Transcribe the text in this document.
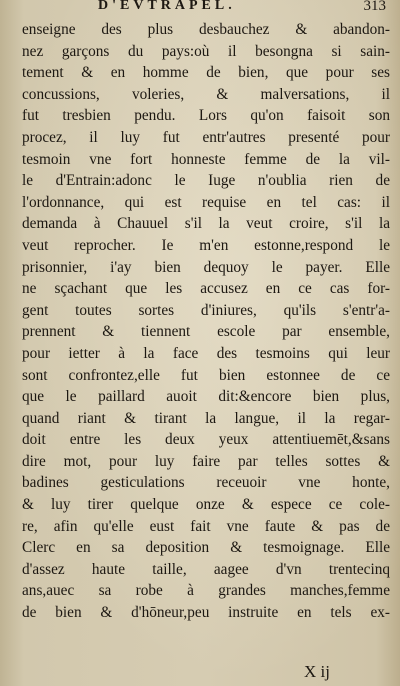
D'EVTRAPEL.	313
enseigne des plus desbauchez & abandon-
nez garçons du pays:où il besongna si sain-
tement & en homme de bien, que pour ses
concussions, voleries, & malversations, il
fut tresbien pendu. Lors qu'on faisoit son
procez, il luy fut entr'autres presenté pour
tesmoin vne fort honneste femme de la vil-
le d'Entrain:adonc le Iuge n'oublia rien de
l'ordonnance, qui est requise en tel cas: il
demanda à Chauuel s'il la veut croire, s'il la
veut reprocher. Ie m'en estonne,respond le
prisonnier, i'ay bien dequoy le payer. Elle
ne sçachant que les accusez en ce cas for-
gent toutes sortes d'iniures, qu'ils s'entr'a-
prennent & tiennent escole par ensemble,
pour ietter à la face des tesmoins qui leur
sont confrontez,elle fut bien estonnee de ce
que le paillard auoit dit:&encore bien plus,
quand riant & tirant la langue, il la regar-
doit entre les deux yeux attentiuemēt,&sans
dire mot, pour luy faire par telles sottes &
badines gesticulations receuoir vne honte,
& luy tirer quelque onze & espece ce cole-
re, afin qu'elle eust fait vne faute & pas de
Clerc en sa deposition & tesmoignage. Elle
d'assez haute taille, aagee d'vn trentecinq
ans,auec sa robe à grandes manches,femme
de bien & d'hōneur,peu instruite en tels ex-
X ij
